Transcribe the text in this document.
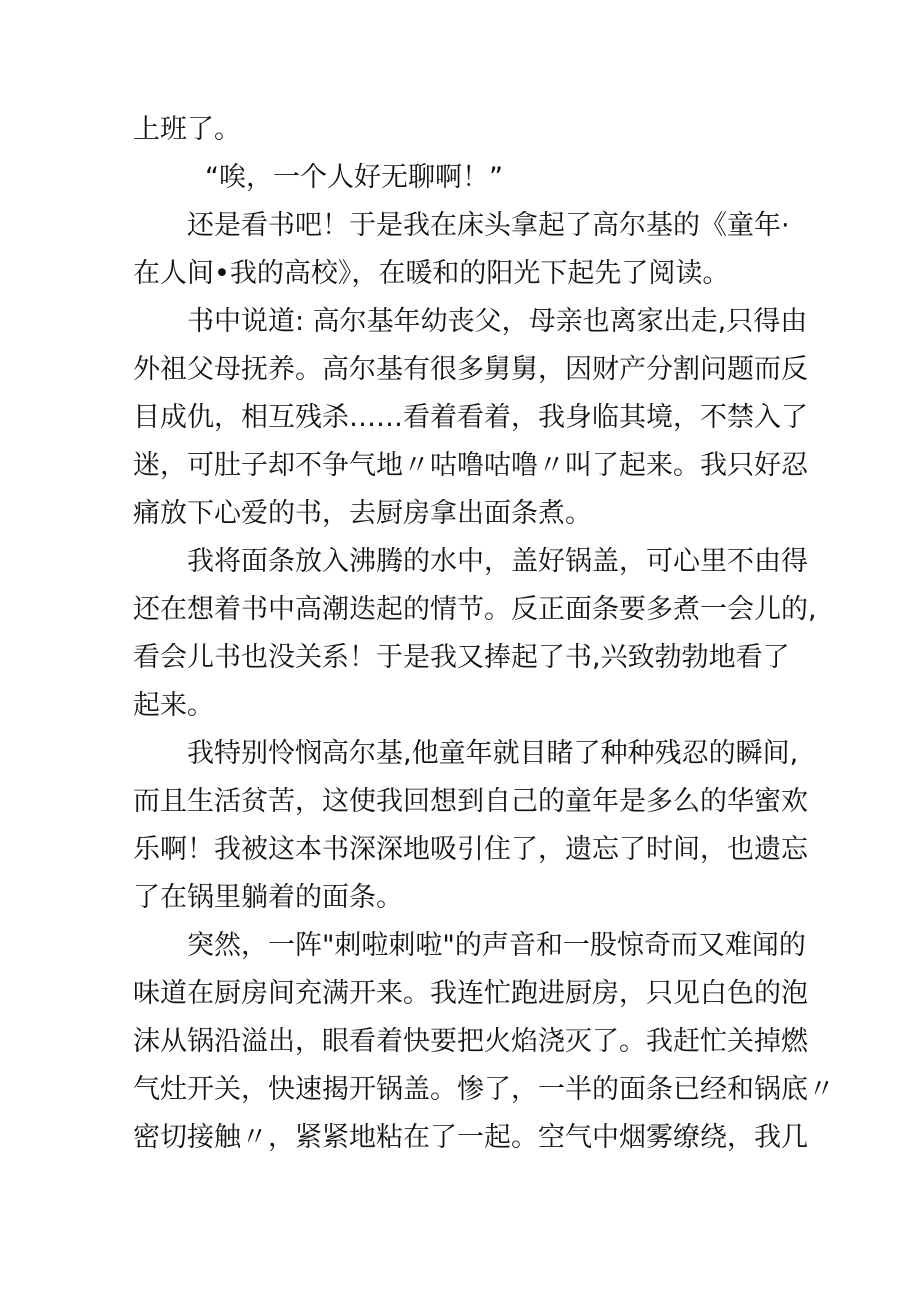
上班了。
“唉，一个人好无聊啊！”
还是看书吧！于是我在床头拿起了高尔基的《童年·
在人间•我的高校》，在暖和的阳光下起先了阅读。
书中说道: 高尔基年幼丧父，母亲也离家出走,只得由
外祖父母抚养。高尔基有很多舅舅，因财产分割问题而反
目成仇，相互残杀……看着看着，我身临其境，不禁入了
迷，可肚子却不争气地〃咕噜咕噜〃叫了起来。我只好忍
痛放下心爱的书，去厨房拿出面条煮。
我将面条放入沸腾的水中，盖好锅盖，可心里不由得
还在想着书中高潮迭起的情节。反正面条要多煮一会儿的,
看会儿书也没关系！于是我又捧起了书,兴致勃勃地看了
起来。
我特别怜悯高尔基,他童年就目睹了种种残忍的瞬间,
而且生活贫苦，这使我回想到自己的童年是多么的华蜜欢
乐啊！我被这本书深深地吸引住了，遗忘了时间，也遗忘
了在锅里躺着的面条。
突然，一阵"刺啦刺啦"的声音和一股惊奇而又难闻的
味道在厨房间充满开来。我连忙跑进厨房，只见白色的泡
沫从锅沿溢出，眼看着快要把火焰浇灭了。我赶忙关掉燃
气灶开关，快速揭开锅盖。惨了，一半的面条已经和锅底〃
密切接触〃，紧紧地粘在了一起。空气中烟雾缭绕，我几
